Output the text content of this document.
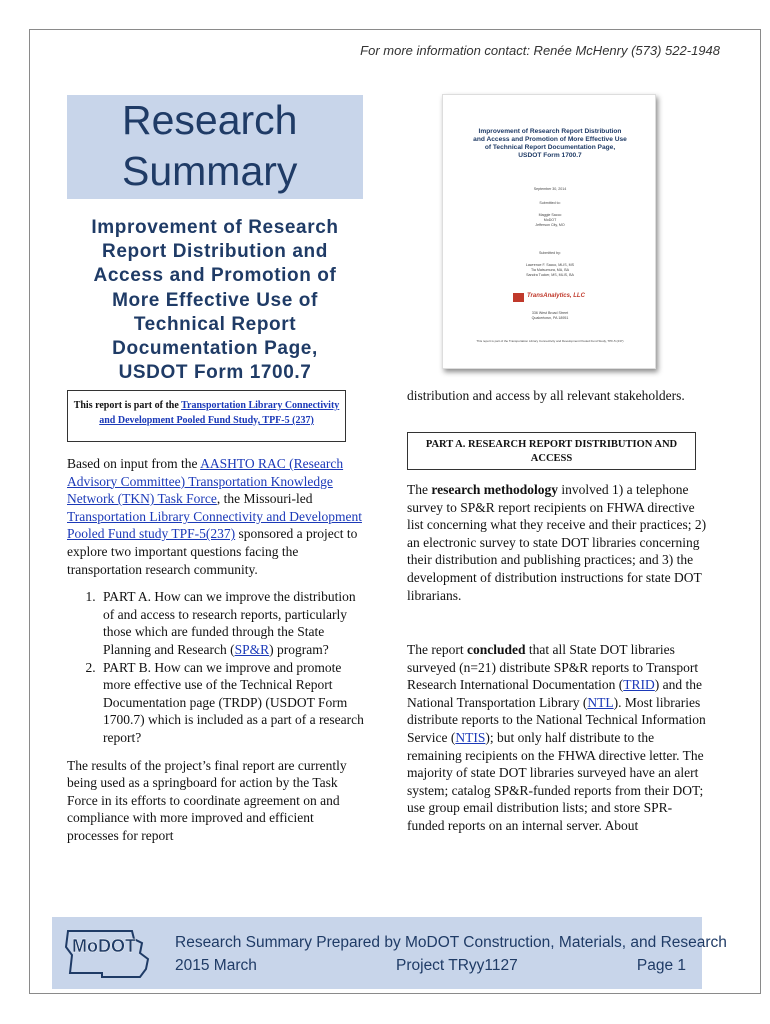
For more information contact: Renée McHenry (573) 522-1948
Research
Summary
Improvement of Research
Report Distribution and
Access and Promotion of
More Effective Use of
Technical Report
Documentation Page,
USDOT Form 1700.7
Improvement of Research Report Distribution
and Access and Promotion of More Effective Use
of Technical Report Documentation Page,
USDOT Form 1700.7
September 30, 2014
Submitted to:
Maggie Sacco
MoDOT
Jefferson City, MO
Submitted by:
Lawrence F. Sacco, MLIS, MS
Tia Matsumura, MA, BA
Sandra Tucker, MS, MLIS, BA
TransAnalytics, LLC
336 West Broad Street
Quakertown, PA 18951
This report is part of the Transportation Library Connectivity and Development Pooled Fund Study, TPF-5 (237)
This report is part of the Transportation Library Connectivity and Development Pooled Fund Study, TPF-5 (237)

Based on input from the AASHTO RAC (Research Advisory Committee) Transportation Knowledge Network (TKN) Task Force, the Missouri-led Transportation Library Connectivity and Development Pooled Fund study TPF-5(237) sponsored a project to explore two important questions facing the transportation research community.

1. PART A. How can we improve the distribution of and access to research reports, particularly those which are funded through the State Planning and Research (SP&R) program?
2. PART B. How can we improve and promote more effective use of the Technical Report Documentation page (TRDP) (USDOT Form 1700.7) which is included as a part of a research report?

The results of the project’s final report are currently being used as a springboard for action by the Task Force in its efforts to coordinate agreement on and compliance with more improved and efficient processes for report

distribution and access by all relevant stakeholders.

PART A. RESEARCH REPORT DISTRIBUTION AND ACCESS
The research methodology involved 1) a telephone survey to SP&R report recipients on FHWA directive list concerning what they receive and their practices; 2) an electronic survey to state DOT libraries concerning their distribution and publishing practices; and 3) the development of distribution instructions for state DOT librarians.
The report concluded that all State DOT libraries surveyed (n=21) distribute SP&R reports to Transport Research International Documentation (TRID) and the National Transportation Library (NTL). Most libraries distribute reports to the National Technical Information Service (NTIS); but only half distribute to the remaining recipients on the FHWA directive letter. The majority of state DOT libraries surveyed have an alert system; catalog SP&R-funded reports from their DOT; use group email distribution lists; and store SPR-funded reports on an internal server. About
MoDOT	Research Summary Prepared by MoDOT Construction, Materials, and Research
2015 March	Project TRyy1127	Page 1
